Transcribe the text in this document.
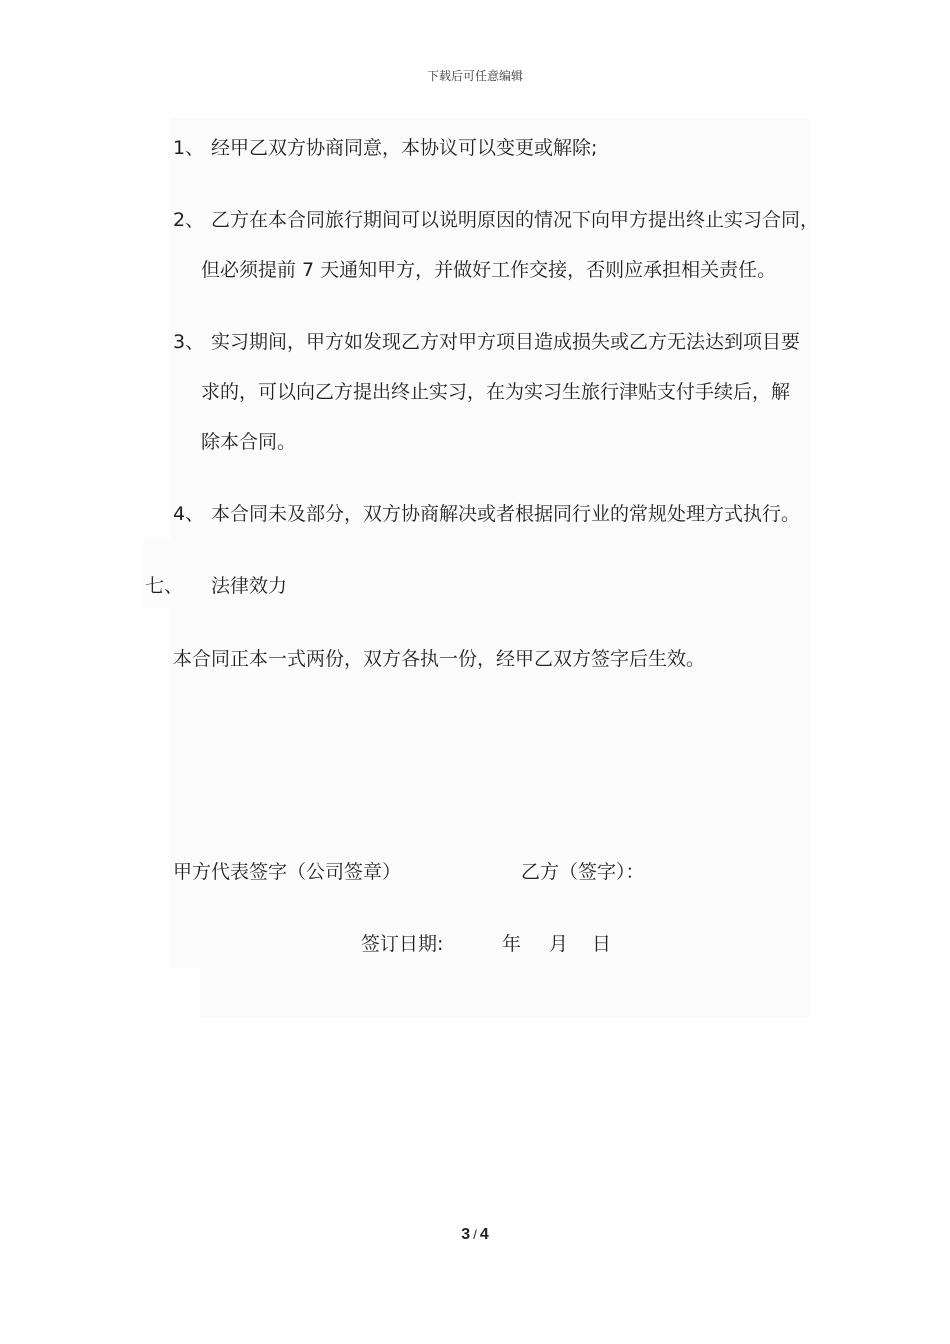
下载后可任意编辑
1、 经甲乙双方协商同意，本协议可以变更或解除;
2、 乙方在本合同旅行期间可以说明原因的情况下向甲方提出终止实习合同，
但必须提前 7 天通知甲方，并做好工作交接，否则应承担相关责任。
3、 实习期间，甲方如发现乙方对甲方项目造成损失或乙方无法达到项目要
求的，可以向乙方提出终止实习，在为实习生旅行津贴支付手续后，解
除本合同。
4、 本合同未及部分，双方协商解决或者根据同行业的常规处理方式执行。
七、 法律效力
本合同正本一式两份，双方各执一份，经甲乙双方签字后生效。
甲方代表签字（公司签章）	乙方（签字）：
签订日期:	年 月 日
3 / 4
